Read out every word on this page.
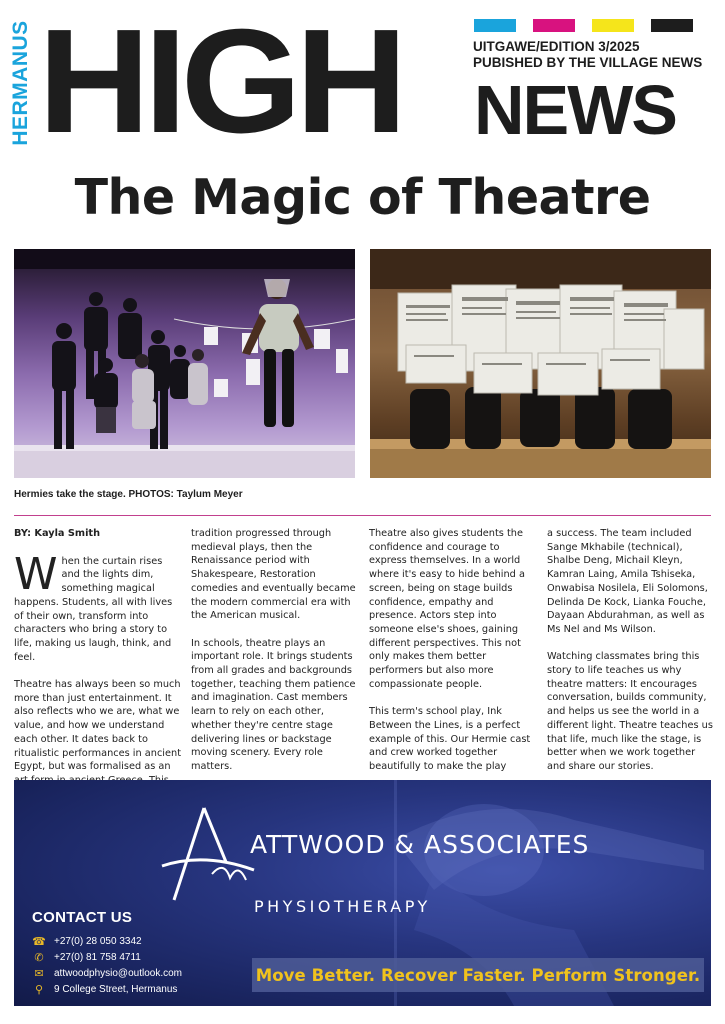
HERMANUS HIGH	UITGAWE/EDITION 3/2025
PUBISHED BY THE VILLAGE NEWS
NEWS
The Magic of Theatre
Hermies take the stage. PHOTOS: Taylum Meyer
BY: Kayla Smith

When the curtain rises and the lights dim, something magical happens. Students, all with lives of their own, transform into characters who bring a story to life, making us laugh, think, and feel.

Theatre has always been so much more than just entertainment. It also reflects who we are, what we value, and how we understand each other. It dates back to ritualistic performances in ancient Egypt, but was formalised as an

tradition progressed through medieval plays, then the Renaissance period with Shakespeare, Restoration comedies and eventually became the modern commercial era with the American musical.

In schools, theatre plays an important role. It brings students from all grades and backgrounds together, teaching them patience and imagination. Cast members learn to rely on each other, whether they're centre stage delivering lines or backstage moving scenery. Every role matters.

Theatre also gives students the confidence and courage to express themselves. In a world where it's easy to hide behind a screen, being on stage builds confidence, empathy and presence. Actors step into someone else's shoes, gaining different perspectives. This not only makes them better performers but also more compassionate people.

This term's school play, Ink Between the Lines, is a perfect example of this. Our Hermie cast and crew worked together beautifully to make the play

a success. The team included Sange Mkhabile (technical), Shalbe Deng, Michail Kleyn, Kamran Laing, Amila Tshiseka, Onwabisa Nosilela, Eli Solomons, Delinda De Kock, Lianka Fouche, Dayaan Abdurahman, as well as Ms Nel and Ms Wilson.

Watching classmates bring this story to life teaches us why theatre matters: It encourages conversation, builds community, and helps us see the world in a different light. Theatre teaches us that life, much like the stage, is better when we work together and share our stories.

ATTWOOD & ASSOCIATES
PHYSIOTHERAPY
CONTACT US
☎ +27(0) 28 050 3342
✆ +27(0) 81 758 4711
✉ attwoodphysio@outlook.com
⚲ 9 College Street, Hermanus
Move Better. Recover Faster. Perform Stronger.
